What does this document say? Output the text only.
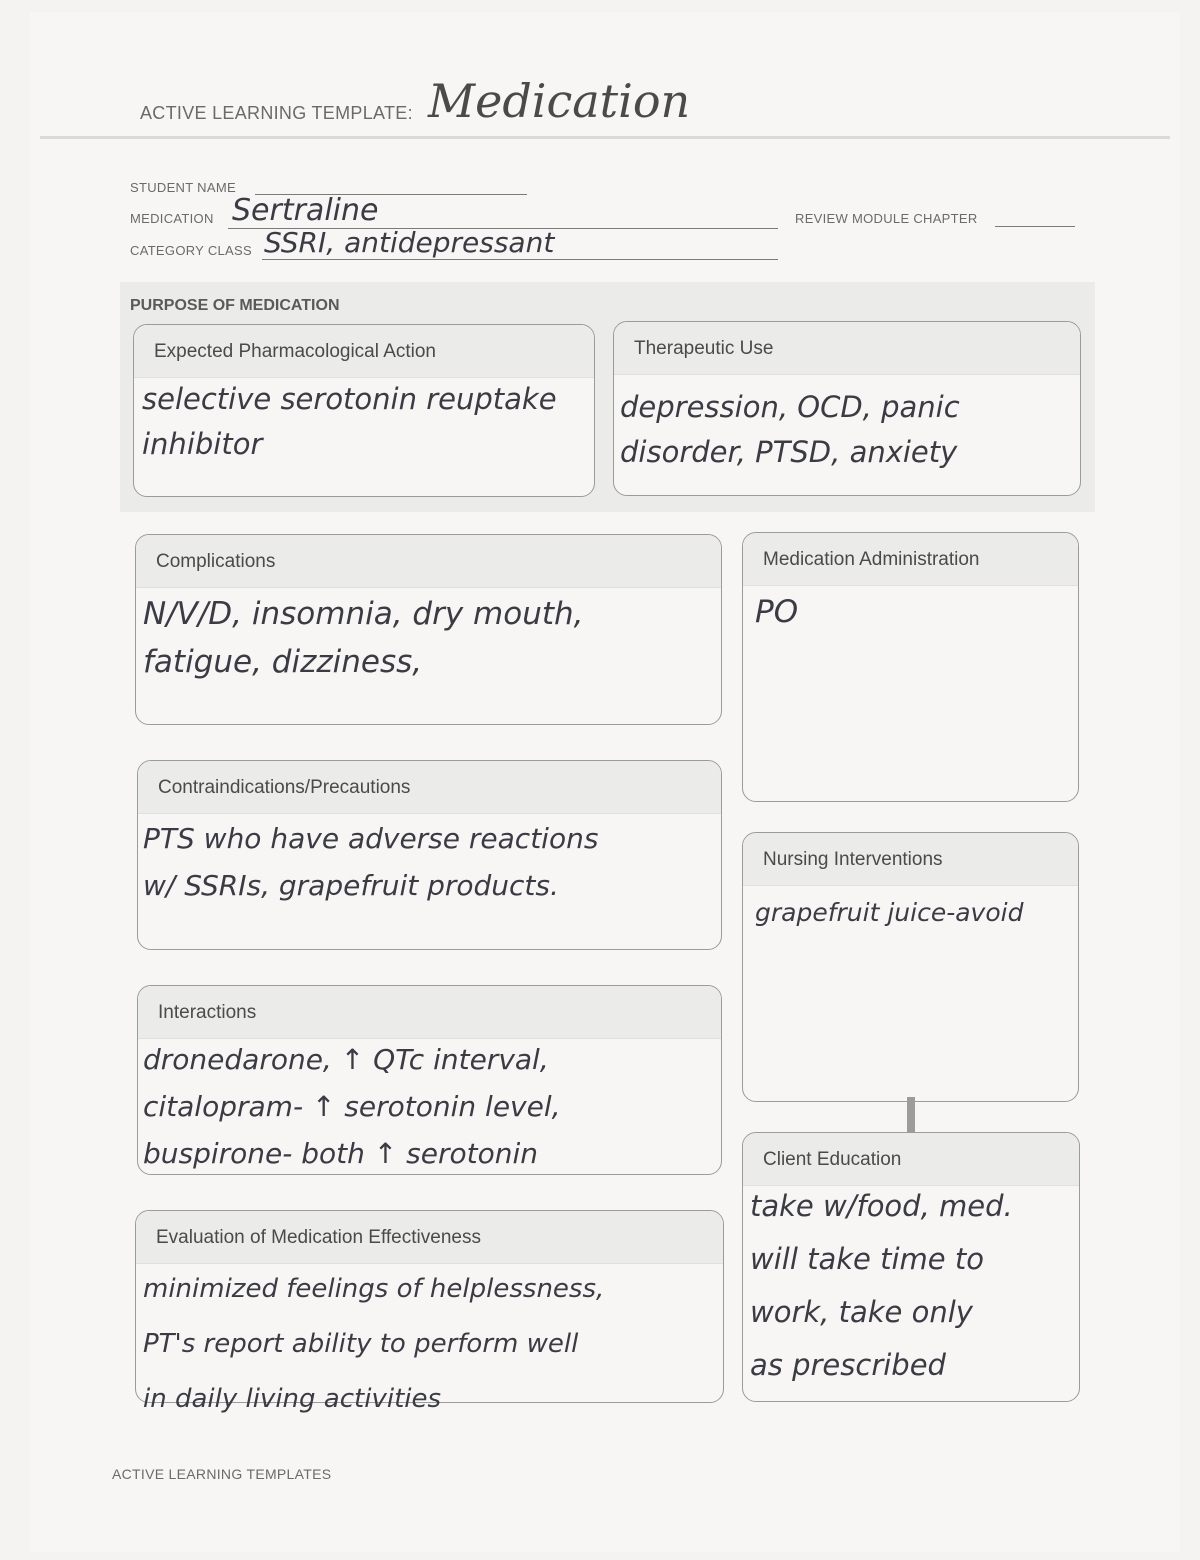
ACTIVE LEARNING TEMPLATE: Medication
STUDENT NAME
MEDICATION Sertraline
CATEGORY CLASS SSRI, antidepressant
REVIEW MODULE CHAPTER
PURPOSE OF MEDICATION
Expected Pharmacological Action	Therapeutic Use
Complications	Medication Administration
Contraindications/Precautions
Nursing Interventions
Interactions
Client Education
Evaluation of Medication Effectiveness
selective serotonin reuptake
inhibitor
depression, OCD, panic
disorder, PTSD, anxiety
N/V/D, insomnia, dry mouth,
fatigue, dizziness,
PO
PTS who have adverse reactions
w/ SSRIs, grapefruit products.
grapefruit juice-avoid
dronedarone, ↑ QTc interval,
citalopram- ↑ serotonin level,
buspirone- both ↑ serotonin
take w/food, med.
will take time to
work, take only
as prescribed
minimized feelings of helplessness,
PT's report ability to perform well
in daily living activities
ACTIVE LEARNING TEMPLATES
